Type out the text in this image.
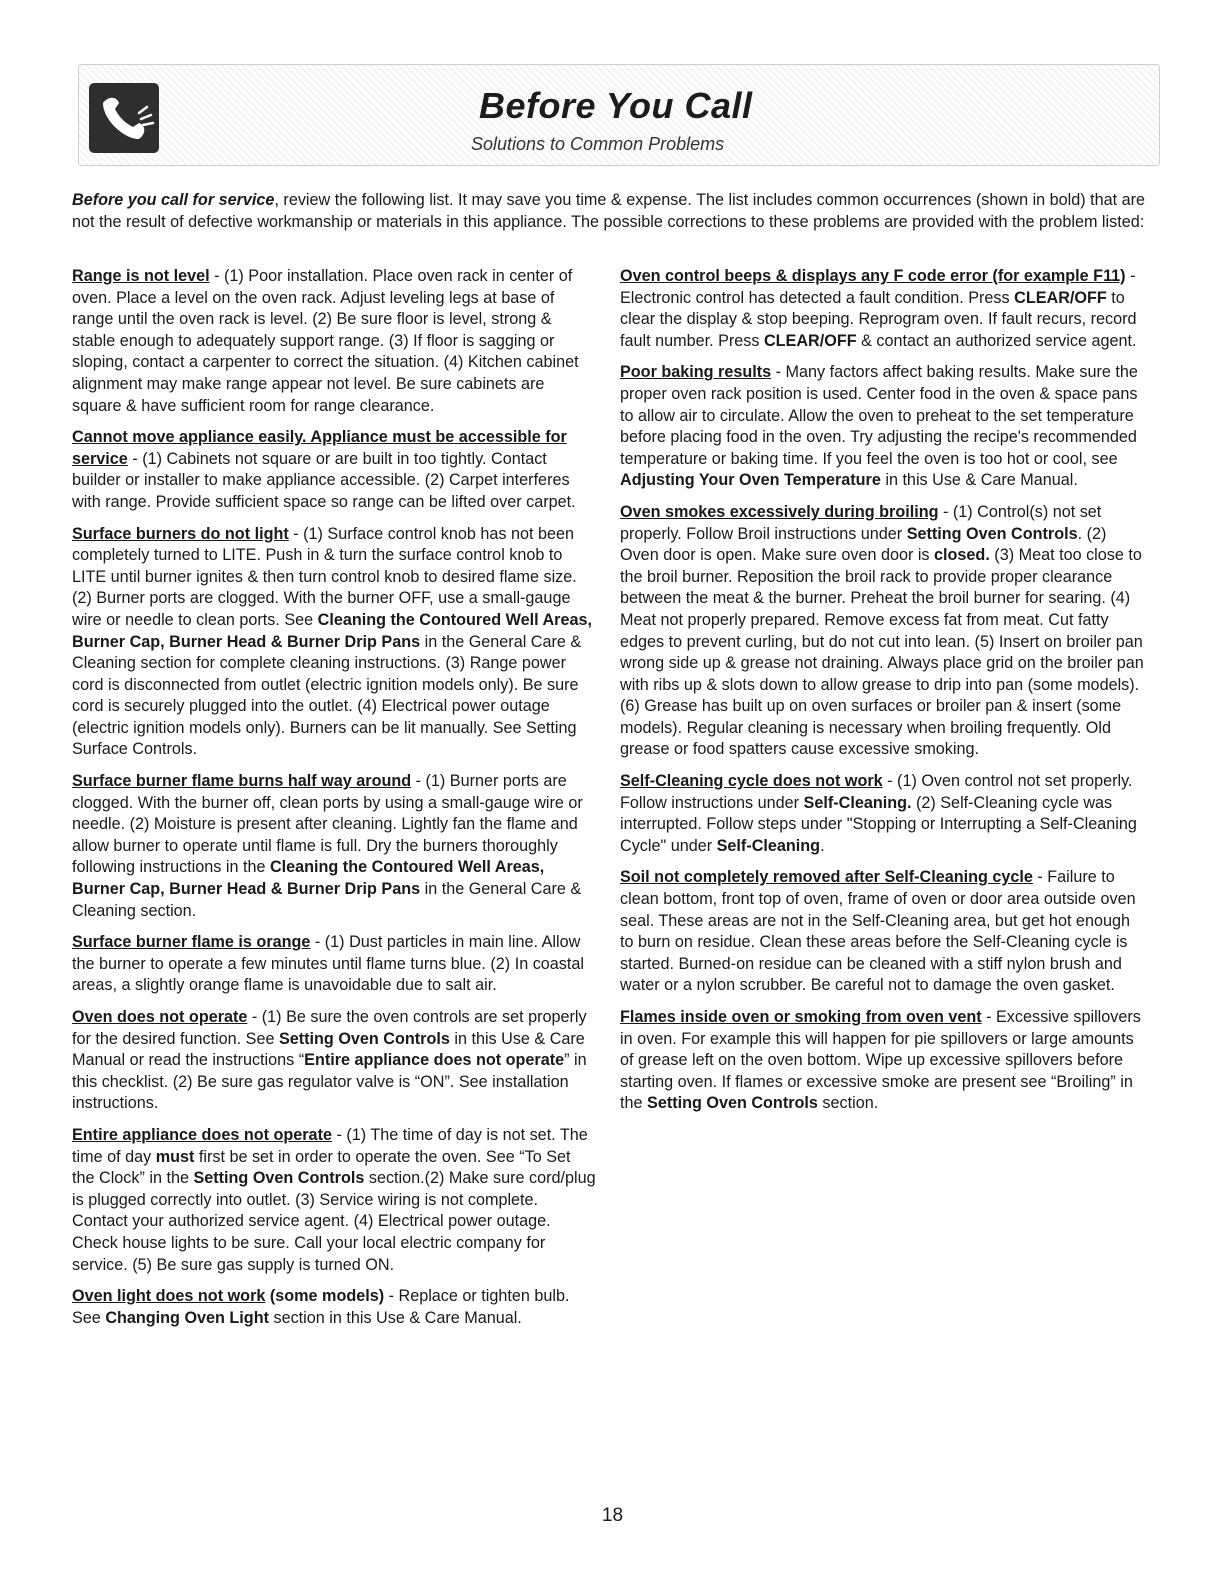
Before You Call
Solutions to Common Problems
Before you call for service, review the following list. It may save you time & expense. The list includes common occurrences (shown in bold) that are not the result of defective workmanship or materials in this appliance. The possible corrections to these problems are provided with the problem listed:

Range is not level - (1) Poor installation. Place oven rack in center of oven. Place a level on the oven rack. Adjust leveling legs at base of range until the oven rack is level. (2) Be sure floor is level, strong & stable enough to adequately support range. (3) If floor is sagging or sloping, contact a carpenter to correct the situation. (4) Kitchen cabinet alignment may make range appear not level. Be sure cabinets are square & have sufficient room for range clearance.

Cannot move appliance easily. Appliance must be accessible for service - (1) Cabinets not square or are built in too tightly. Contact builder or installer to make appliance accessible. (2) Carpet interferes with range. Provide sufficient space so range can be lifted over carpet.

Surface burners do not light - (1) Surface control knob has not been completely turned to LITE. Push in & turn the surface control knob to LITE until burner ignites & then turn control knob to desired flame size. (2) Burner ports are clogged. With the burner OFF, use a small-gauge wire or needle to clean ports. See Cleaning the Contoured Well Areas, Burner Cap, Burner Head & Burner Drip Pans in the General Care & Cleaning section for complete cleaning instructions. (3) Range power cord is disconnected from outlet (electric ignition models only). Be sure cord is securely plugged into the outlet. (4) Electrical power outage (electric ignition models only). Burners can be lit manually. See Setting Surface Controls.

Surface burner flame burns half way around - (1) Burner ports are clogged. With the burner off, clean ports by using a small-gauge wire or needle. (2) Moisture is present after cleaning. Lightly fan the flame and allow burner to operate until flame is full. Dry the burners thoroughly following instructions in the Cleaning the Contoured Well Areas, Burner Cap, Burner Head & Burner Drip Pans in the General Care & Cleaning section.

Surface burner flame is orange - (1) Dust particles in main line. Allow the burner to operate a few minutes until flame turns blue. (2) In coastal areas, a slightly orange flame is unavoidable due to salt air.

Oven does not operate - (1) Be sure the oven controls are set properly for the desired function. See Setting Oven Controls in this Use & Care Manual or read the instructions “Entire appliance does not operate” in this checklist. (2) Be sure gas regulator valve is “ON”. See installation instructions.

Entire appliance does not operate - (1) The time of day is not set. The time of day must first be set in order to operate the oven. See “To Set the Clock” in the Setting Oven Controls section.(2) Make sure cord/plug is plugged correctly into outlet. (3) Service wiring is not complete. Contact your authorized service agent. (4) Electrical power outage. Check house lights to be sure. Call your local electric company for service. (5) Be sure gas supply is turned ON.

Oven light does not work (some models) - Replace or tighten bulb. See Changing Oven Light section in this Use & Care Manual.

Oven control beeps & displays any F code error (for example F11) - Electronic control has detected a fault condition. Press CLEAR/OFF to clear the display & stop beeping. Reprogram oven. If fault recurs, record fault number. Press CLEAR/OFF & contact an authorized service agent.

Poor baking results - Many factors affect baking results. Make sure the proper oven rack position is used. Center food in the oven & space pans to allow air to circulate. Allow the oven to preheat to the set temperature before placing food in the oven. Try adjusting the recipe's recommended temperature or baking time. If you feel the oven is too hot or cool, see Adjusting Your Oven Temperature in this Use & Care Manual.

Oven smokes excessively during broiling - (1) Control(s) not set properly. Follow Broil instructions under Setting Oven Controls. (2) Oven door is open. Make sure oven door is closed. (3) Meat too close to the broil burner. Reposition the broil rack to provide proper clearance between the meat & the burner. Preheat the broil burner for searing. (4) Meat not properly prepared. Remove excess fat from meat. Cut fatty edges to prevent curling, but do not cut into lean. (5) Insert on broiler pan wrong side up & grease not draining. Always place grid on the broiler pan with ribs up & slots down to allow grease to drip into pan (some models). (6) Grease has built up on oven surfaces or broiler pan & insert (some models). Regular cleaning is necessary when broiling frequently. Old grease or food spatters cause excessive smoking.

Self-Cleaning cycle does not work - (1) Oven control not set properly. Follow instructions under Self-Cleaning. (2) Self-Cleaning cycle was interrupted. Follow steps under "Stopping or Interrupting a Self-Cleaning Cycle" under Self-Cleaning.

Soil not completely removed after Self-Cleaning cycle - Failure to clean bottom, front top of oven, frame of oven or door area outside oven seal. These areas are not in the Self-Cleaning area, but get hot enough to burn on residue. Clean these areas before the Self-Cleaning cycle is started. Burned-on residue can be cleaned with a stiff nylon brush and water or a nylon scrubber. Be careful not to damage the oven gasket.

Flames inside oven or smoking from oven vent - Excessive spillovers in oven. For example this will happen for pie spillovers or large amounts of grease left on the oven bottom. Wipe up excessive spillovers before starting oven. If flames or excessive smoke are present see “Broiling” in the Setting Oven Controls section.

18
